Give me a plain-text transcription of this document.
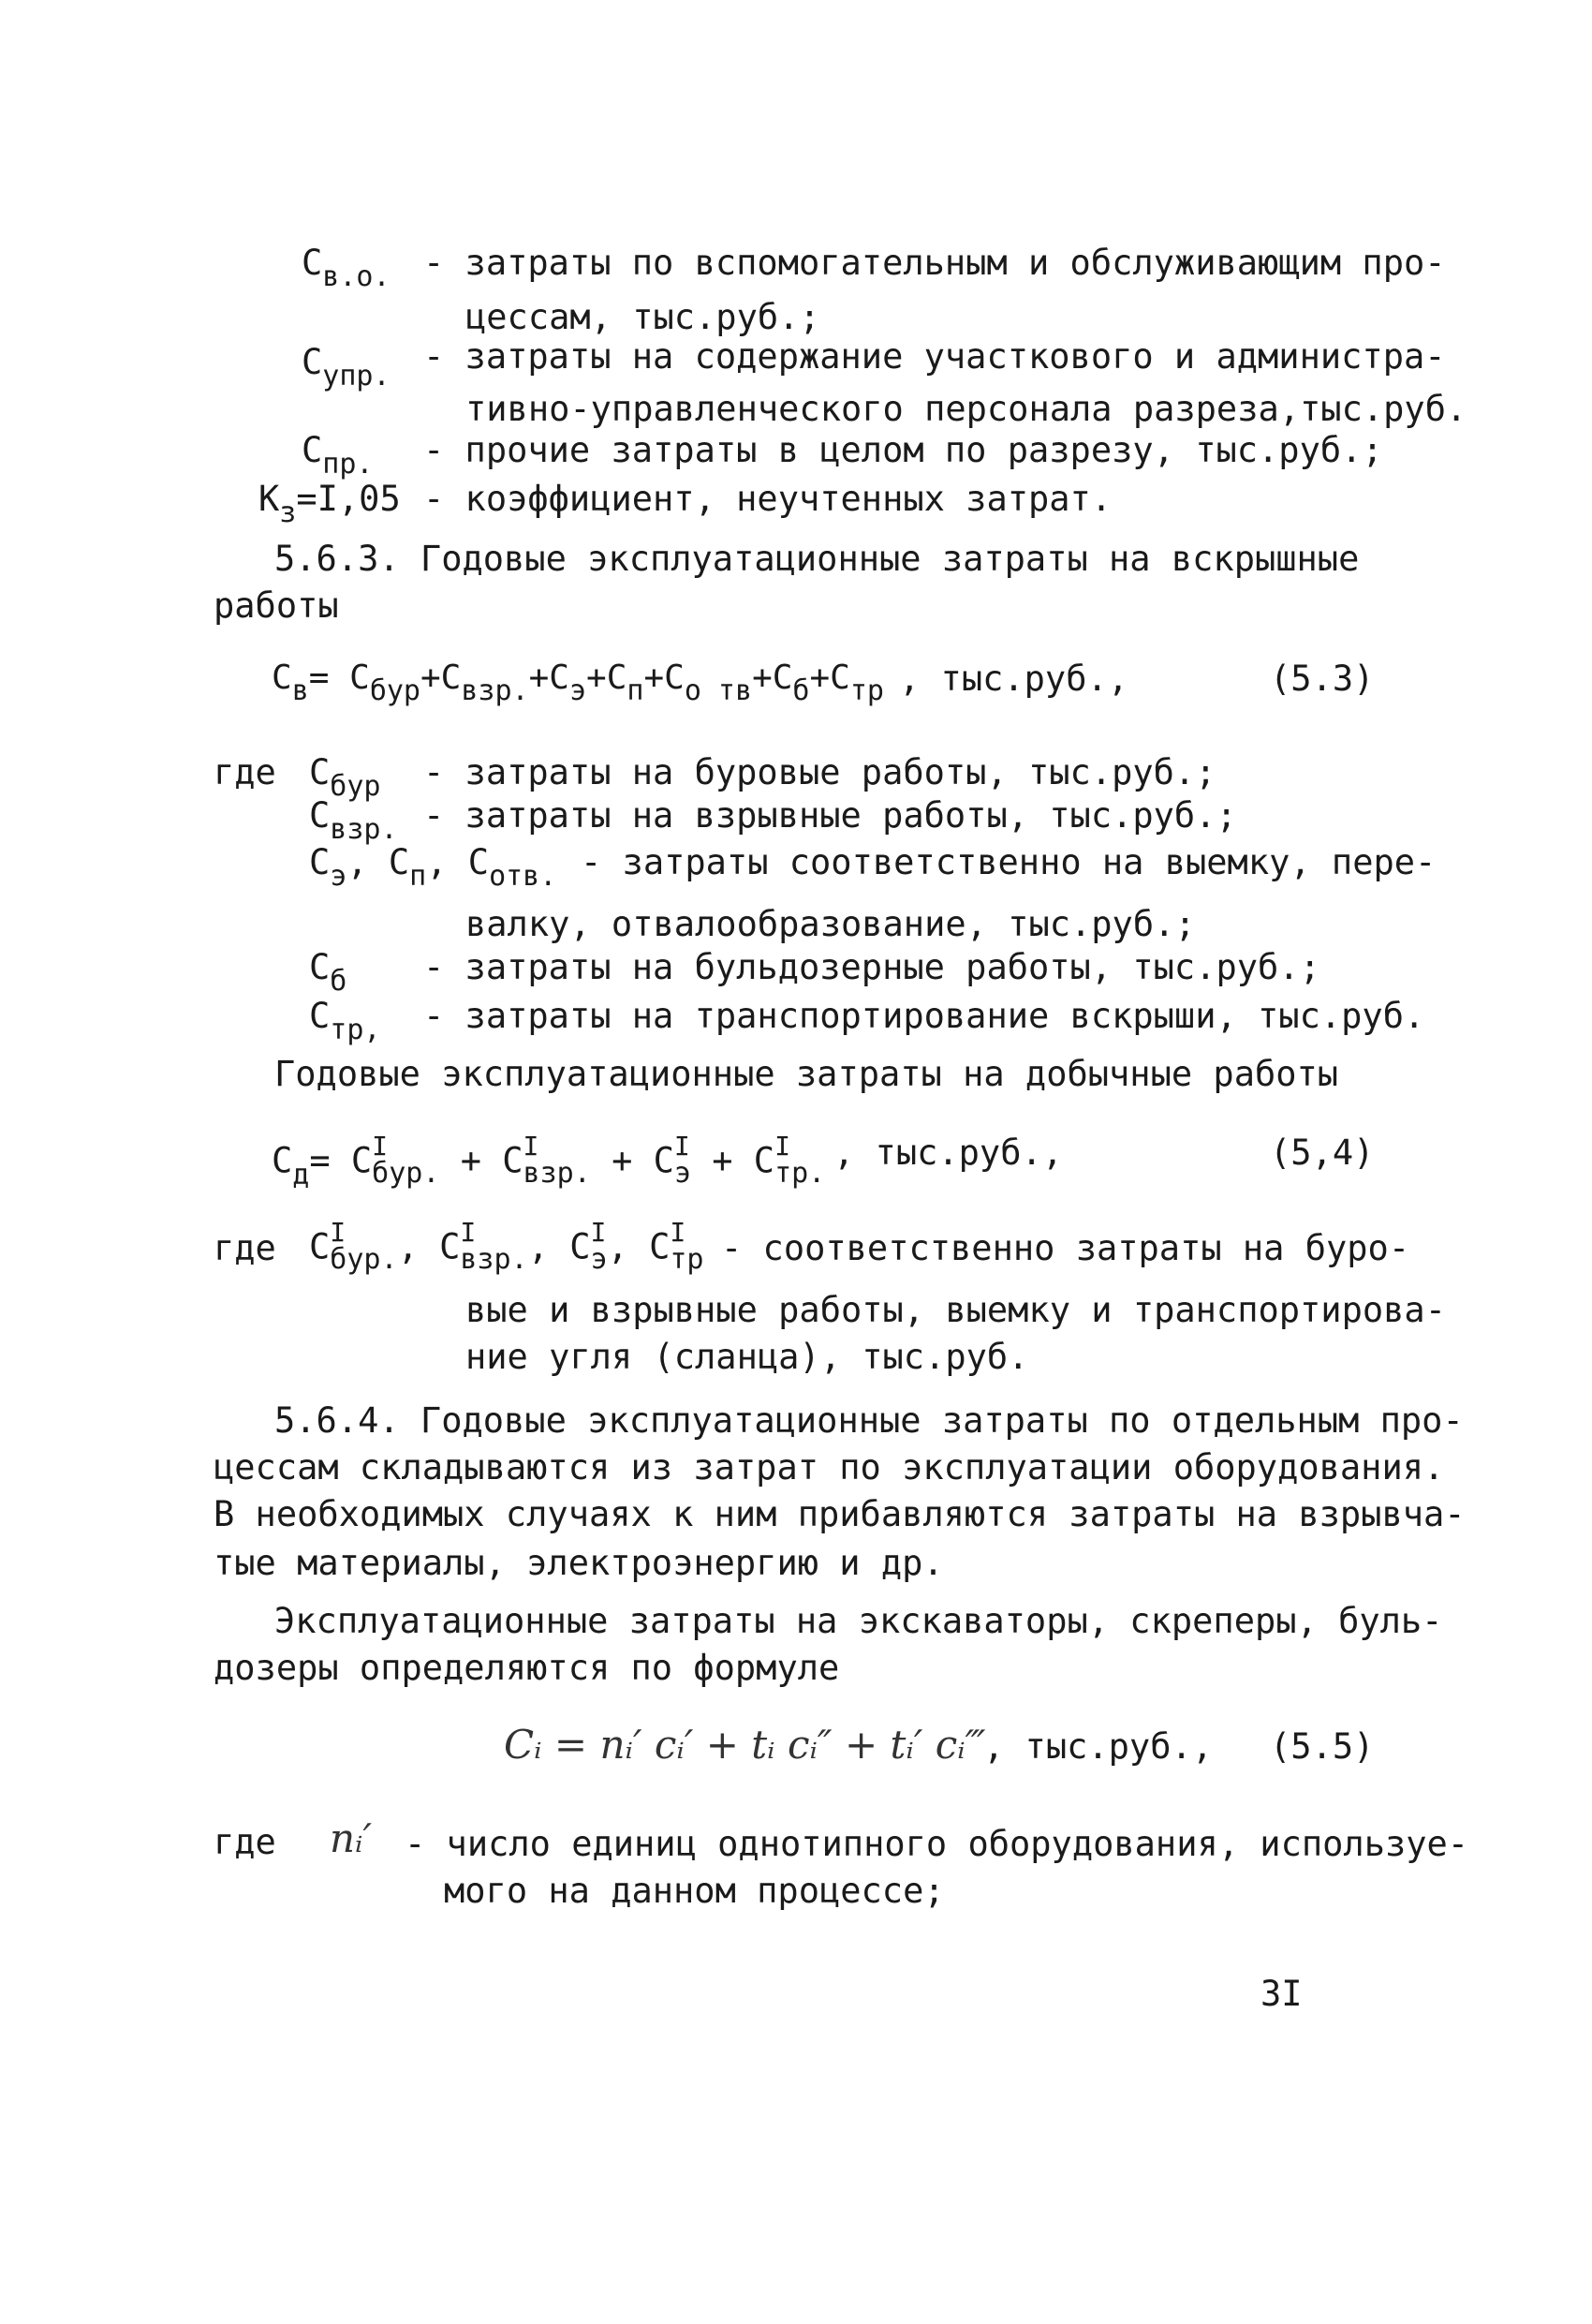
$С_{в.о.}$ - затраты по вспомогательным и обслуживающим про-
цессам, тыс.руб.;
$С_{упр.}$ - затраты на содержание участкового и администра-
тивно-управленческого персонала разреза,тыс.руб.
$С_{пр.}$ - прочие затраты в целом по разрезу, тыс.руб.;
$К_з=I,05$ - коэффициент, неучтенных затрат.
5.6.3. Годовые эксплуатационные затраты на вскрышные
работы
$С_в= С_{бур}+С_{взр.}+С_э+С_п+С_{о тв}+С_б+С_{тр}$ , тыс.руб.,	(5.3)
где $С_{бур}$ - затраты на буровые работы, тыс.руб.;
$С_{взр.}$ - затраты на взрывные работы, тыс.руб.;
$С_э$, $С_п$, $С_{отв.}$ - затраты соответственно на выемку, пере-
валку, отвалообразование, тыс.руб.;
$С_б$ - затраты на бульдозерные работы, тыс.руб.;
$С_{тр,}$ - затраты на транспортирование вскрыши, тыс.руб.
Годовые эксплуатационные затраты на добычные работы
$С_д= С$ I
бур. + С I
взр. + С I
э + С I
тр.
, тыс.руб.,	(5,4)
где С I
бур. , С I
взр. , С I
э , С I
тр - соответственно затраты на буро-
вые и взрывные работы, выемку и транспортирова-
ние угля (сланца), тыс.руб.
5.6.4. Годовые эксплуатационные затраты по отдельным про-
цессам складываются из затрат по эксплуатации оборудования.
В необходимых случаях к ним прибавляются затраты на взрывча-
тые материалы, электроэнергию и др.
Эксплуатационные затраты на экскаваторы, скреперы, буль-
дозеры определяются по формуле
Cᵢ = nᵢ′ cᵢ′ + tᵢ cᵢ″ + tᵢ′ cᵢ‴
, тыс.руб., (5.5)
где nᵢ′ - число единиц однотипного оборудования, используе-
мого на данном процессе;
3I
